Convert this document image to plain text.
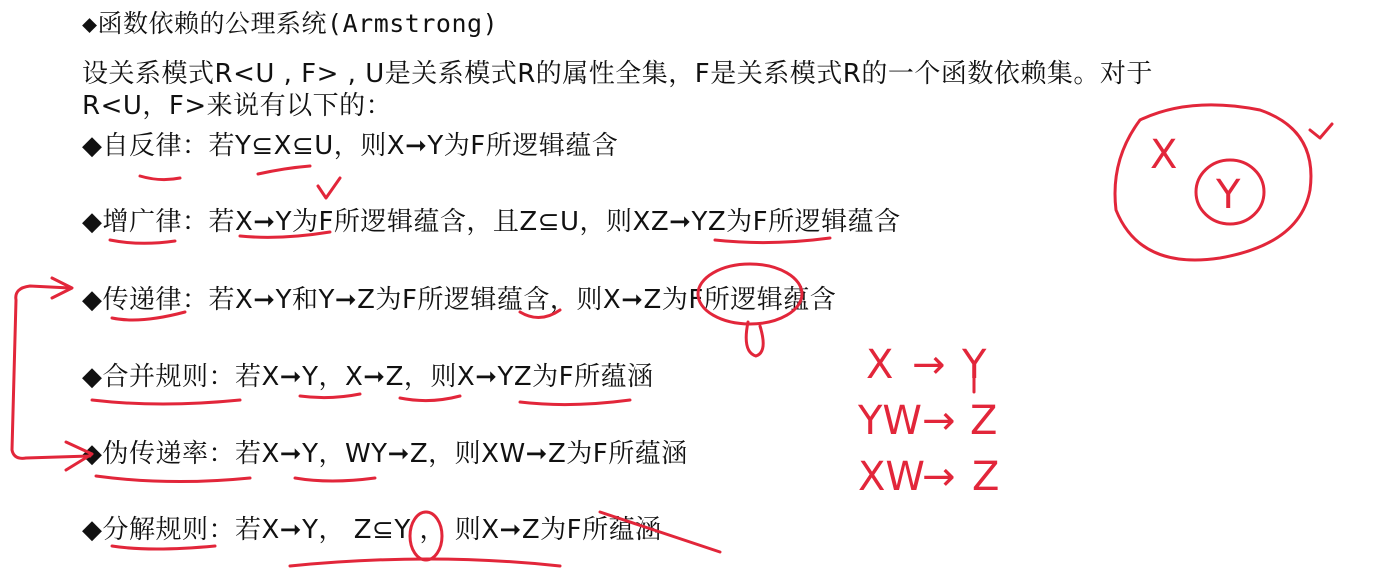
◆函数依赖的公理系统(Armstrong)
设关系模式R<U , F> , U是关系模式R的属性全集，F是关系模式R的一个函数依赖集。对于
R<U，F>来说有以下的：
◆自反律：若Y⊆X⊆U，则X➞Y为F所逻辑蕴含
◆增广律：若X➞Y为F所逻辑蕴含，且Z⊆U，则XZ➞YZ为F所逻辑蕴含
◆传递律：若X➞Y和Y➞Z为F所逻辑蕴含，则X➞Z为F所逻辑蕴含
◆合并规则：若X➞Y，X➞Z，则X➞YZ为F所蕴涵
◆伪传递率：若X➞Y，WY➞Z，则XW➞Z为F所蕴涵
◆分解规则：若X➞Y， Z⊆Y ， 则X➞Z为F所蕴涵
X
Y
X → Y
YW → Z
XW
→ Z
